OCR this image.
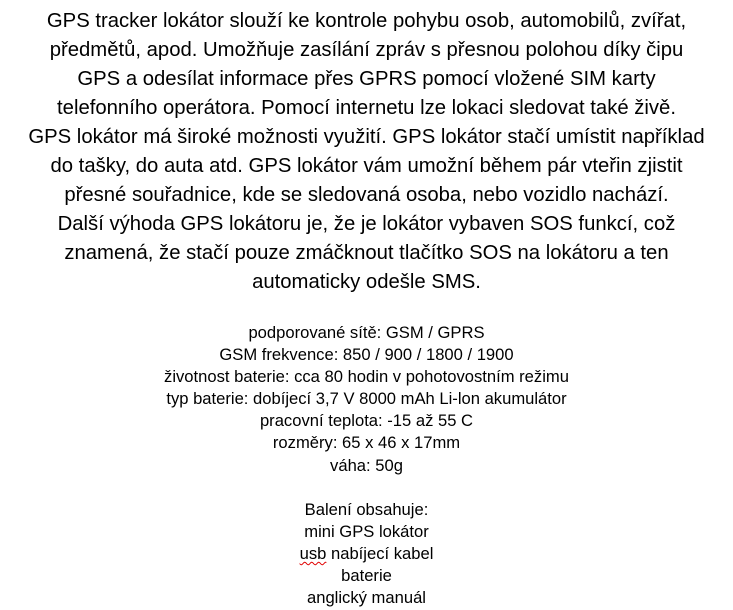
GPS tracker lokátor slouží ke kontrole pohybu osob, automobilů, zvířat,
předmětů, apod. Umožňuje zasílání zpráv s přesnou polohou díky čipu
GPS a odesílat informace přes GPRS pomocí vložené SIM karty
telefonního operátora. Pomocí internetu lze lokaci sledovat také živě.
GPS lokátor má široké možnosti využití. GPS lokátor stačí umístit například
do tašky, do auta atd. GPS lokátor vám umožní během pár vteřin zjistit
přesné souřadnice, kde se sledovaná osoba, nebo vozidlo nachází.
Další výhoda GPS lokátoru je, že je lokátor vybaven SOS funkcí, což
znamená, že stačí pouze zmáčknout tlačítko SOS na lokátoru a ten
automaticky odešle SMS.
podporované sítě: GSM / GPRS
GSM frekvence: 850 / 900 / 1800 / 1900
životnost baterie: cca 80 hodin v pohotovostním režimu
typ baterie: dobíjecí 3,7 V 8000 mAh Li-lon akumulátor
pracovní teplota: -15 až 55 C
rozměry: 65 x 46 x 17mm
váha: 50g
Balení obsahuje:
mini GPS lokátor
usb nabíjecí kabel
baterie
anglický manuál
